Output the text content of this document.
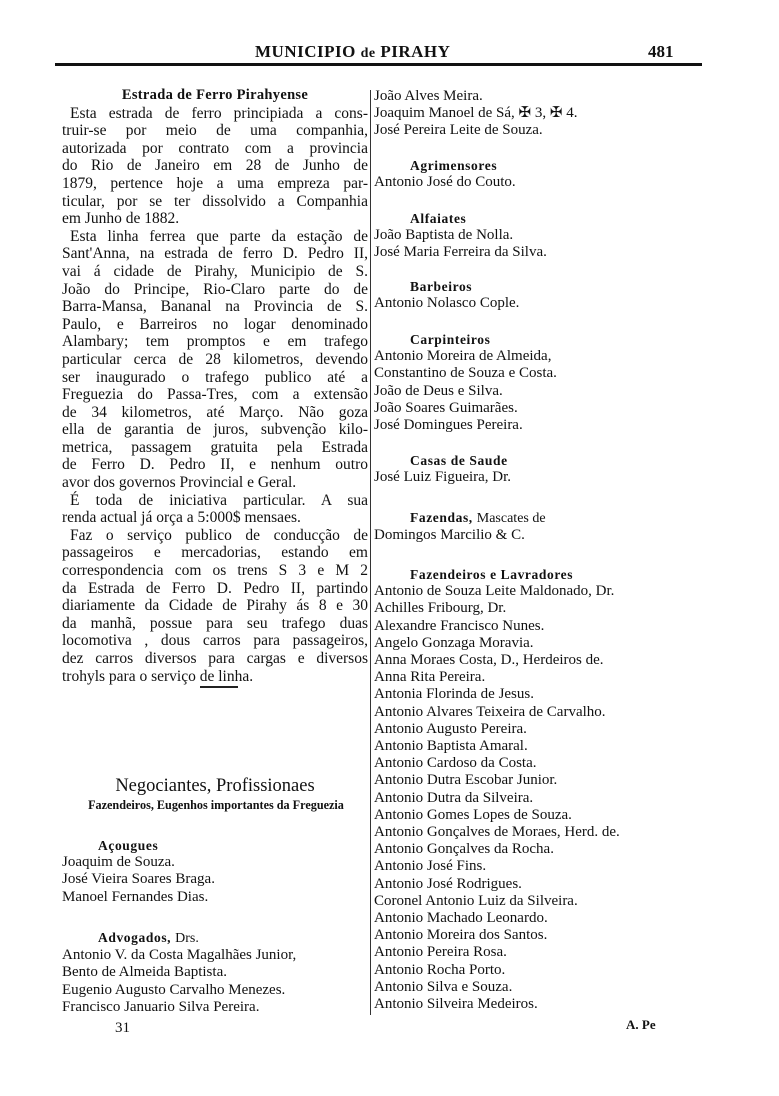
MUNICIPIO de PIRAHY	481
Estrada de Ferro Pirahyense
Esta estrada de ferro principiada a cons-
truir-se por meio de uma companhia,
autorizada por contrato com a provincia
do Rio de Janeiro em 28 de Junho de
1879, pertence hoje a uma empreza par-
ticular, por se ter dissolvido a Companhia
em Junho de 1882.
Esta linha ferrea que parte da estação de
Sant'Anna, na estrada de ferro D. Pedro II,
vai á cidade de Pirahy, Municipio de S.
João do Principe, Rio-Claro parte do de
Barra-Mansa, Bananal na Provincia de S.
Paulo, e Barreiros no logar denominado
Alambary; tem promptos e em trafego
particular cerca de 28 kilometros, devendo
ser inaugurado o trafego publico até a
Freguezia do Passa-Tres, com a extensão
de 34 kilometros, até Março. Não goza
ella de garantia de juros, subvenção kilo-
metrica, passagem gratuita pela Estrada
de Ferro D. Pedro II, e nenhum outro
avor dos governos Provincial e Geral.
É toda de iniciativa particular. A sua
renda actual já orça a 5:000$ mensaes.
Faz o serviço publico de conducção de
passageiros e mercadorias, estando em
correspondencia com os trens S 3 e M 2
da Estrada de Ferro D. Pedro II, partindo
diariamente da Cidade de Pirahy ás 8 e 30
da manhã, possue para seu trafego duas
locomotiva , dous carros para passageiros,
dez carros diversos para cargas e diversos
trohyls para o serviço de linha.
Negociantes, Profissionaes
Fazendeiros, Eugenhos importantes da Freguezia
Açougues
Joaquim de Souza.
José Vieira Soares Braga.
Manoel Fernandes Dias.
Advogados, Drs.
Antonio V. da Costa Magalhães Junior,
Bento de Almeida Baptista.
Eugenio Augusto Carvalho Menezes.
Francisco Januario Silva Pereira.
31
João Alves Meira.
Joaquim Manoel de Sá, ✠ 3, ✠ 4.
José Pereira Leite de Souza.
Agrimensores
Antonio José do Couto.
Alfaiates
João Baptista de Nolla.
José Maria Ferreira da Silva.
Barbeiros
Antonio Nolasco Cople.
Carpinteiros
Antonio Moreira de Almeida,
Constantino de Souza e Costa.
João de Deus e Silva.
João Soares Guimarães.
José Domingues Pereira.
Casas de Saude
José Luiz Figueira, Dr.
Fazendas, Mascates de
Domingos Marcilio & C.
Fazendeiros e Lavradores
Antonio de Souza Leite Maldonado, Dr.
Achilles Fribourg, Dr.
Alexandre Francisco Nunes.
Angelo Gonzaga Moravia.
Anna Moraes Costa, D., Herdeiros de.
Anna Rita Pereira.
Antonia Florinda de Jesus.
Antonio Alvares Teixeira de Carvalho.
Antonio Augusto Pereira.
Antonio Baptista Amaral.
Antonio Cardoso da Costa.
Antonio Dutra Escobar Junior.
Antonio Dutra da Silveira.
Antonio Gomes Lopes de Souza.
Antonio Gonçalves de Moraes, Herd. de.
Antonio Gonçalves da Rocha.
Antonio José Fins.
Antonio José Rodrigues.
Coronel Antonio Luiz da Silveira.
Antonio Machado Leonardo.
Antonio Moreira dos Santos.
Antonio Pereira Rosa.
Antonio Rocha Porto.
Antonio Silva e Souza.
Antonio Silveira Medeiros.
A. Pe
